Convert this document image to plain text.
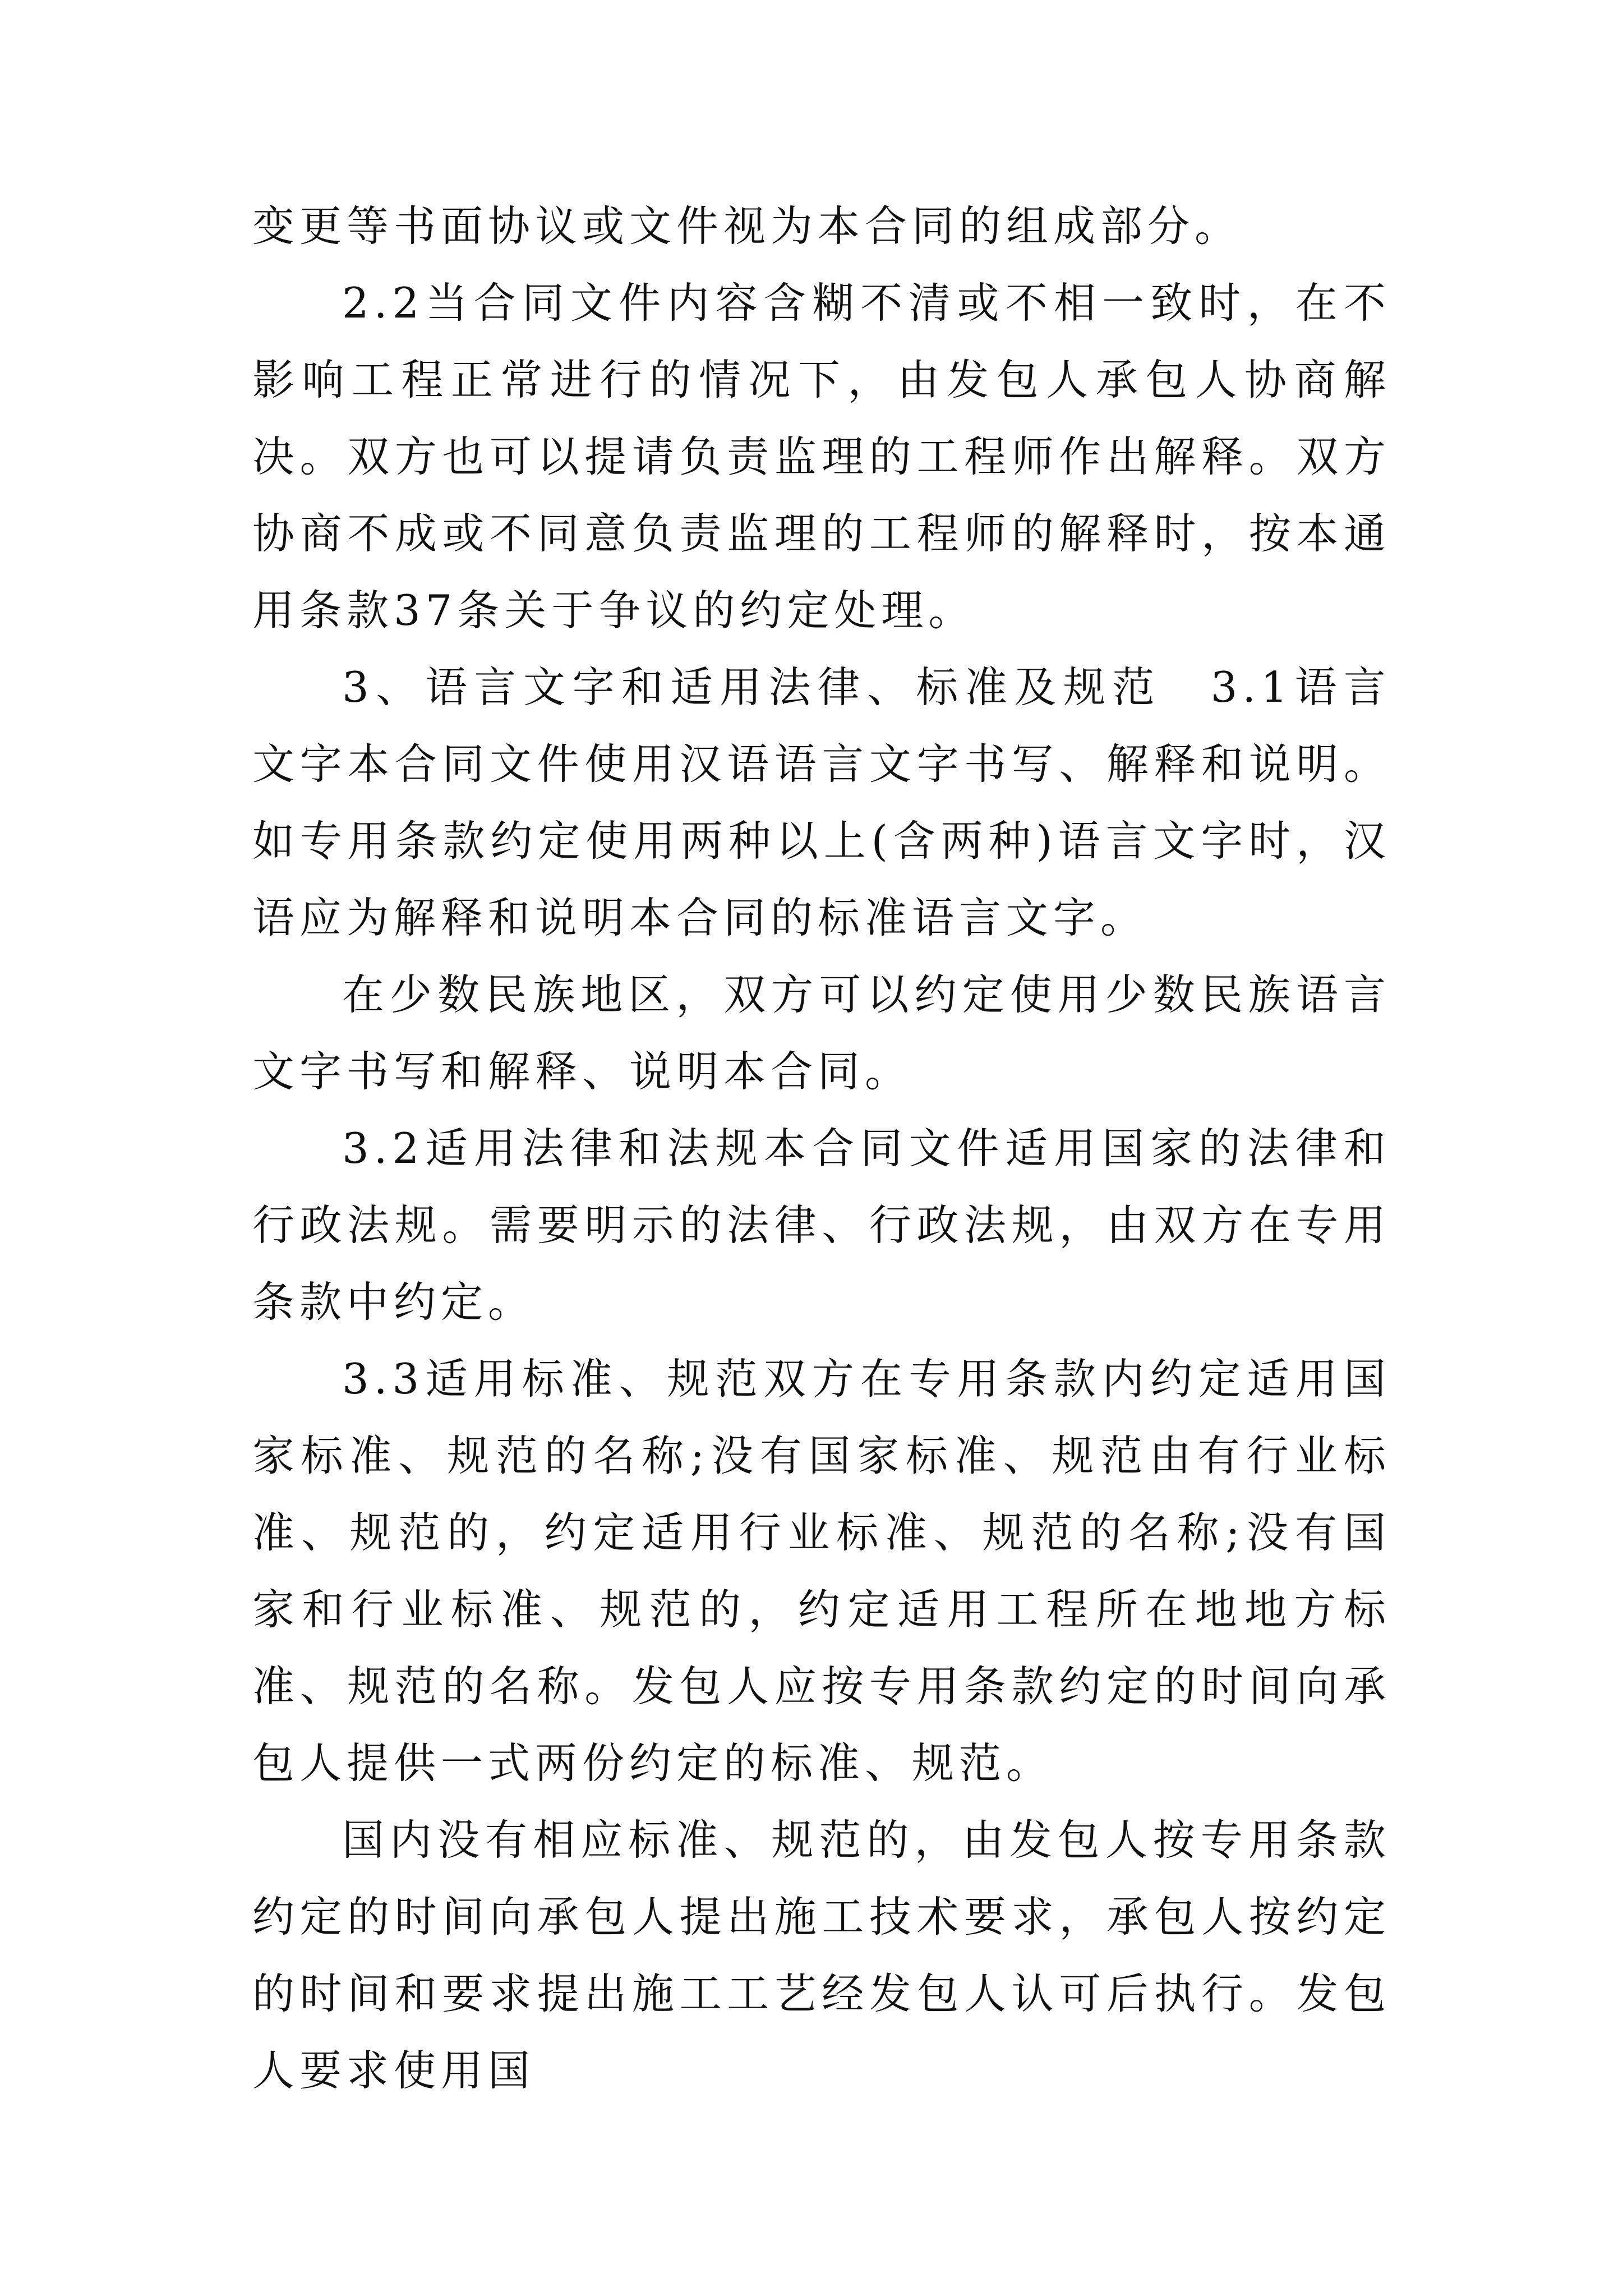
变更等书面协议或文件视为本合同的组成部分。

2.2当合同文件内容含糊不清或不相一致时，在不影响工程正常进行的情况下，由发包人承包人协商解决。双方也可以提请负责监理的工程师作出解释。双方协商不成或不同意负责监理的工程师的解释时，按本通用条款37条关于争议的约定处理。

3、语言文字和适用法律、标准及规范　3.1语言文字本合同文件使用汉语语言文字书写、解释和说明。如专用条款约定使用两种以上(含两种)语言文字时，汉语应为解释和说明本合同的标准语言文字。

在少数民族地区，双方可以约定使用少数民族语言文字书写和解释、说明本合同。

3.2适用法律和法规本合同文件适用国家的法律和行政法规。需要明示的法律、行政法规，由双方在专用条款中约定。

3.3适用标准、规范双方在专用条款内约定适用国家标准、规范的名称;没有国家标准、规范由有行业标准、规范的，约定适用行业标准、规范的名称;没有国家和行业标准、规范的，约定适用工程所在地地方标准、规范的名称。发包人应按专用条款约定的时间向承包人提供一式两份约定的标准、规范。

国内没有相应标准、规范的，由发包人按专用条款约定的时间向承包人提出施工技术要求，承包人按约定的时间和要求提出施工工艺经发包人认可后执行。发包人要求使用国
